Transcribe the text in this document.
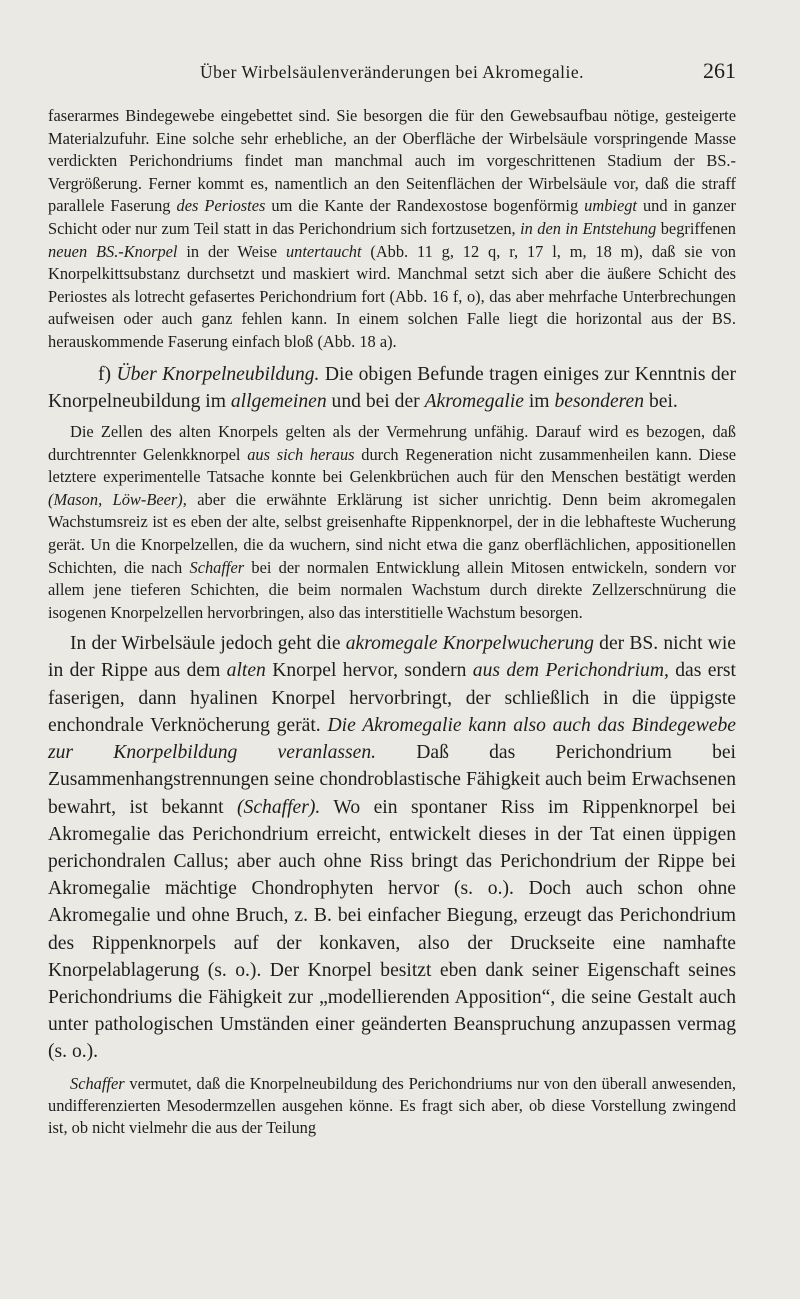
Über Wirbelsäulenveränderungen bei Akromegalie.	261

faserarmes Bindegewebe eingebettet sind. Sie besorgen die für den Gewebsaufbau nötige, gesteigerte Materialzufuhr. Eine solche sehr erhebliche, an der Oberfläche der Wirbelsäule vorspringende Masse verdickten Perichondriums findet man manchmal auch im vorgeschrittenen Stadium der BS.-Vergrößerung. Ferner kommt es, namentlich an den Seitenflächen der Wirbelsäule vor, daß die straff parallele Faserung des Periostes um die Kante der Randexostose bogenförmig umbiegt und in ganzer Schicht oder nur zum Teil statt in das Perichondrium sich fortzusetzen, in den in Entstehung begriffenen neuen BS.-Knorpel in der Weise untertaucht (Abb. 11 g, 12 q, r, 17 l, m, 18 m), daß sie von Knorpelkittsubstanz durchsetzt und maskiert wird. Manchmal setzt sich aber die äußere Schicht des Periostes als lotrecht gefasertes Perichondrium fort (Abb. 16 f, o), das aber mehrfache Unterbrechungen aufweisen oder auch ganz fehlen kann. In einem solchen Falle liegt die horizontal aus der BS. herauskommende Faserung einfach bloß (Abb. 18 a).

f) Über Knorpelneubildung. Die obigen Befunde tragen einiges zur Kenntnis der Knorpelneubildung im allgemeinen und bei der Akromegalie im besonderen bei.

Die Zellen des alten Knorpels gelten als der Vermehrung unfähig. Darauf wird es bezogen, daß durchtrennter Gelenkknorpel aus sich heraus durch Regeneration nicht zusammenheilen kann. Diese letztere experimentelle Tatsache konnte bei Gelenkbrüchen auch für den Menschen bestätigt werden (Mason, Löw-Beer), aber die erwähnte Erklärung ist sicher unrichtig. Denn beim akromegalen Wachstumsreiz ist es eben der alte, selbst greisenhafte Rippenknorpel, der in die lebhafteste Wucherung gerät. Un die Knorpelzellen, die da wuchern, sind nicht etwa die ganz oberflächlichen, appositionellen Schichten, die nach Schaffer bei der normalen Entwicklung allein Mitosen entwickeln, sondern vor allem jene tieferen Schichten, die beim normalen Wachstum durch direkte Zellzerschnürung die isogenen Knorpelzellen hervorbringen, also das interstitielle Wachstum besorgen.

In der Wirbelsäule jedoch geht die akromegale Knorpelwucherung der BS. nicht wie in der Rippe aus dem alten Knorpel hervor, sondern aus dem Perichondrium, das erst faserigen, dann hyalinen Knorpel hervorbringt, der schließlich in die üppigste enchondrale Verknöcherung gerät. Die Akromegalie kann also auch das Bindegewebe zur Knorpelbildung veranlassen. Daß das Perichondrium bei Zusammenhangstrennungen seine chondroblastische Fähigkeit auch beim Erwachsenen bewahrt, ist bekannt (Schaffer). Wo ein spontaner Riss im Rippenknorpel bei Akromegalie das Perichondrium erreicht, entwickelt dieses in der Tat einen üppigen perichondralen Callus; aber auch ohne Riss bringt das Perichondrium der Rippe bei Akromegalie mächtige Chondrophyten hervor (s. o.). Doch auch schon ohne Akromegalie und ohne Bruch, z. B. bei einfacher Biegung, erzeugt das Perichondrium des Rippenknorpels auf der konkaven, also der Druckseite eine namhafte Knorpelablagerung (s. o.). Der Knorpel besitzt eben dank seiner Eigenschaft seines Perichondriums die Fähigkeit zur „modellierenden Apposition“, die seine Gestalt auch unter pathologischen Umständen einer geänderten Beanspruchung anzupassen vermag (s. o.).

Schaffer vermutet, daß die Knorpelneubildung des Perichondriums nur von den überall anwesenden, undifferenzierten Mesodermzellen ausgehen könne. Es fragt sich aber, ob diese Vorstellung zwingend ist, ob nicht vielmehr die aus der Teilung
